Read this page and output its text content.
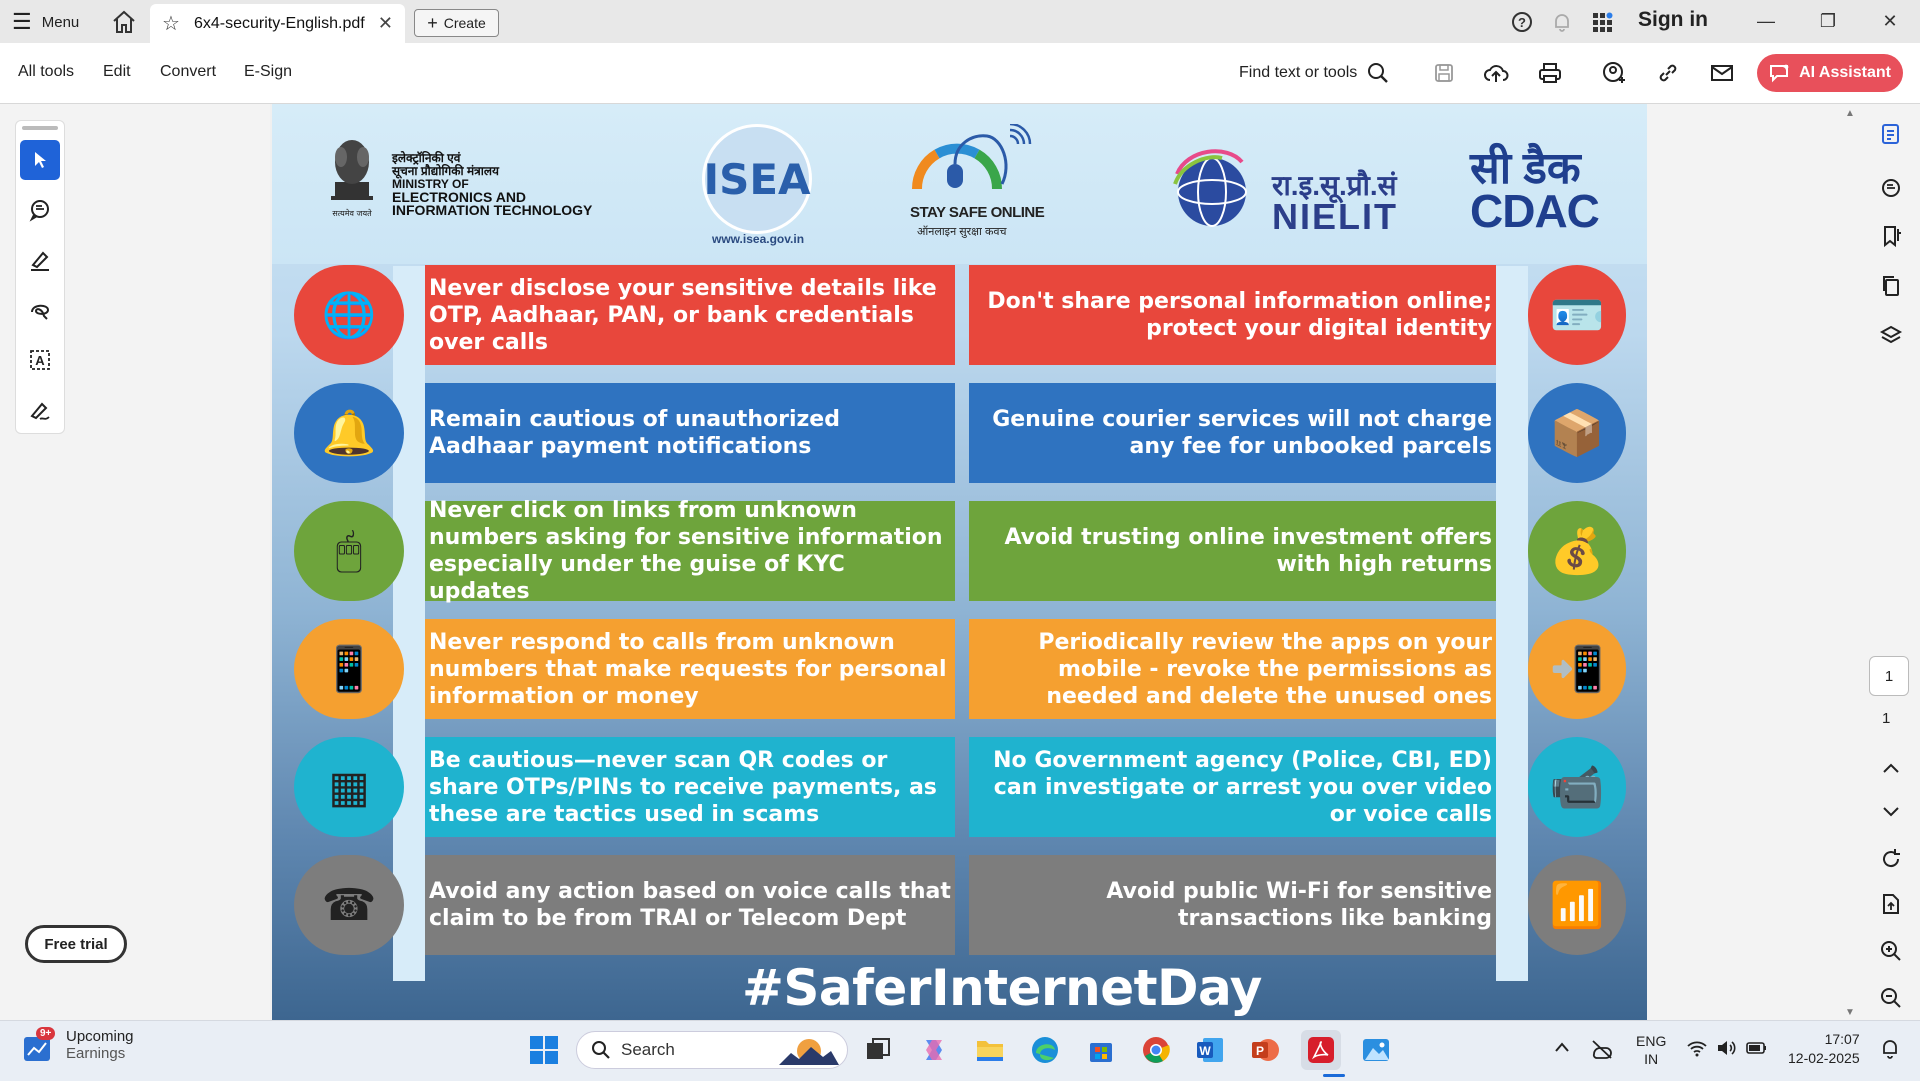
☰ Menu	☆ 6x4-security-English.pdf ✕ + Create	?	Sign in	—	❐	✕
All tools Edit Convert E-Sign	Find text or tools	AI Assistant
A
Free trial
सत्यमेव जयते
इलेक्ट्रॉनिकी एवं
सूचना प्रौद्योगिकी मंत्रालय
MINISTRY OF
ELECTRONICS AND
INFORMATION TECHNOLOGY
ISEA
www.isea.gov.in
STAY SAFE ONLINE
ऑनलाइन सुरक्षा कवच
रा.इ.सू.प्रौ.सं
NIELIT
सी डैक
CDAC
🌐
Never disclose your sensitive details like OTP, Aadhaar, PAN, or bank credentials over calls
Don't share personal information online; protect your digital identity	🪪
🔔	Remain cautious of unauthorized Aadhaar payment notifications
Genuine courier services will not charge any fee for unbooked parcels	📦
🖱
Never click on links from unknown numbers asking for sensitive information especially under the guise of KYC updates
Avoid trusting online investment offers with high returns	💰
📱
Never respond to calls from unknown numbers that make requests for personal information or money
Periodically review the apps on your mobile - revoke the permissions as needed and delete the unused ones
📲
▦
Be cautious—never scan QR codes or share OTPs/PINs to receive payments, as these are tactics used in scams
No Government agency (Police, CBI, ED) can investigate or arrest you over video or voice calls
📹
☎	Avoid any action based on voice calls that claim to be from TRAI or Telecom Dept
Avoid public Wi-Fi for sensitive transactions like banking	📶
#SaferInternetDay
▲
▼
1
1
9+ Upcoming
Earnings	Search	W	P
ENG
IN
17:07
12-02-2025
